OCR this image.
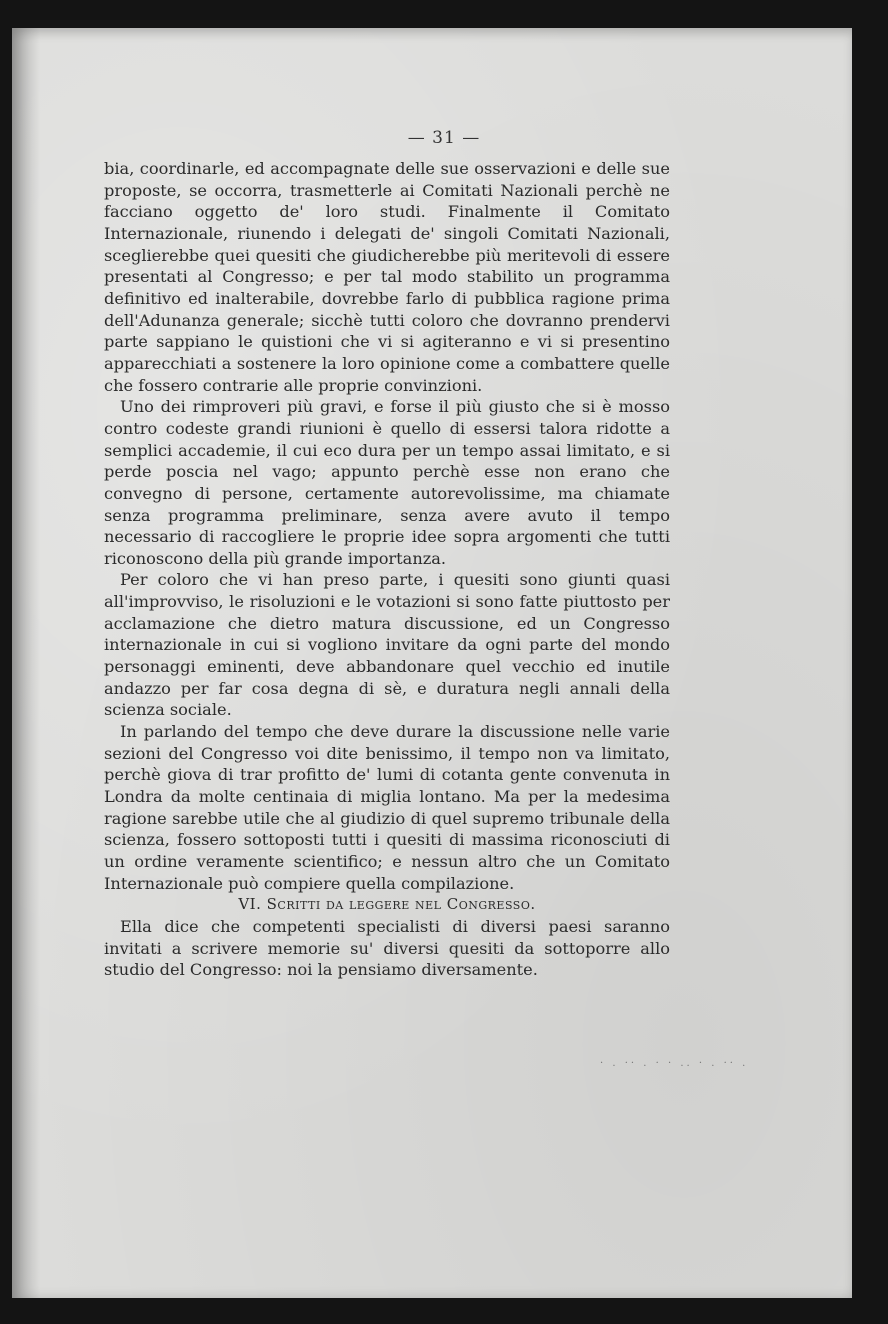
— 31 —

bia, coordinarle, ed accompagnate delle sue osservazioni e delle sue proposte, se occorra, trasmetterle ai Comitati Nazionali perchè ne facciano oggetto de' loro studi. Finalmente il Comitato Internazionale, riunendo i delegati de' singoli Comitati Nazionali, sceglierebbe quei quesiti che giudicherebbe più meritevoli di essere presentati al Congresso; e per tal modo stabilito un programma definitivo ed inalterabile, dovrebbe farlo di pubblica ragione prima dell'Adunanza generale; sicchè tutti coloro che dovranno prendervi parte sappiano le quistioni che vi si agiteranno e vi si presentino apparecchiati a sostenere la loro opinione come a combattere quelle che fossero contrarie alle proprie convinzioni.

Uno dei rimproveri più gravi, e forse il più giusto che si è mosso contro codeste grandi riunioni è quello di essersi talora ridotte a semplici accademie, il cui eco dura per un tempo assai limitato, e si perde poscia nel vago; appunto perchè esse non erano che convegno di persone, certamente autorevolissime, ma chiamate senza programma preliminare, senza avere avuto il tempo necessario di raccogliere le proprie idee sopra argomenti che tutti riconoscono della più grande importanza.

Per coloro che vi han preso parte, i quesiti sono giunti quasi all'improvviso, le risoluzioni e le votazioni si sono fatte piuttosto per acclamazione che dietro matura discussione, ed un Congresso internazionale in cui si vogliono invitare da ogni parte del mondo personaggi eminenti, deve abbandonare quel vecchio ed inutile andazzo per far cosa degna di sè, e duratura negli annali della scienza sociale.

In parlando del tempo che deve durare la discussione nelle varie sezioni del Congresso voi dite benissimo, il tempo non va limitato, perchè giova di trar profitto de' lumi di cotanta gente convenuta in Londra da molte centinaia di miglia lontano. Ma per la medesima ragione sarebbe utile che al giudizio di quel supremo tribunale della scienza, fossero sottoposti tutti i quesiti di massima riconosciuti di un ordine veramente scientifico; e nessun altro che un Comitato Internazionale può compiere quella compilazione.

VI. Scritti da leggere nel Congresso.

Ella dice che competenti specialisti di diversi paesi saranno invitati a scrivere memorie su' diversi quesiti da sottoporre allo studio del Congresso: noi la pensiamo diversamente.

· . ·· . · · .. · . ·· .
